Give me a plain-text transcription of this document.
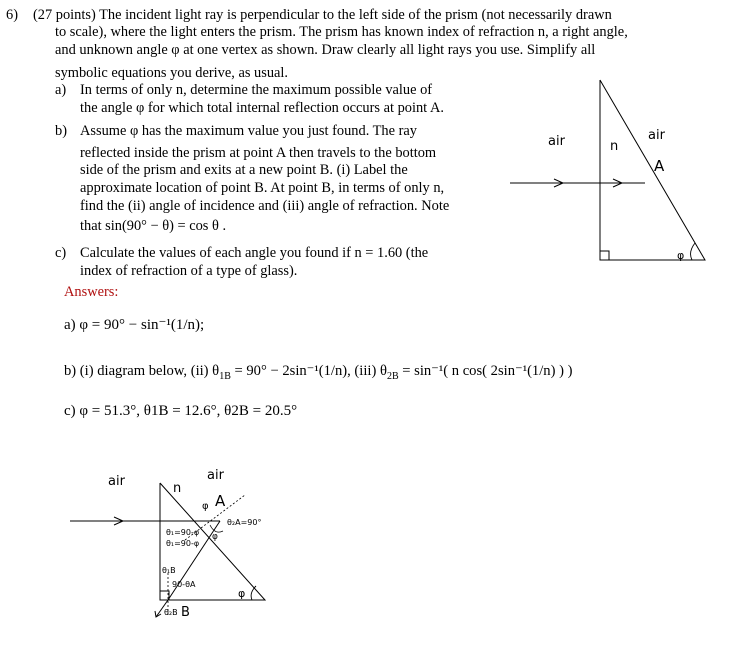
6) (27 points) The incident light ray is perpendicular to the left side of the prism (not necessarily drawn
to scale), where the light enters the prism. The prism has known index of refraction n, a right angle,
and unknown angle φ at one vertex as shown. Draw clearly all light rays you use. Simplify all
symbolic equations you derive, as usual.
a) In terms of only n, determine the maximum possible value of
the angle φ for which total internal reflection occurs at point A.
b) Assume φ has the maximum value you just found. The ray
reflected inside the prism at point A then travels to the bottom
side of the prism and exits at a new point B. (i) Label the
approximate location of point B. At point B, in terms of only n,
find the (ii) angle of incidence and (iii) angle of refraction. Note
that sin(90° − θ) = cos θ .
c) Calculate the values of each angle you found if n = 1.60 (the
index of refraction of a type of glass).
Answers:
a) φ = 90° − sin⁻¹(1/n);
b) (i) diagram below, (ii) $\theta_{1B} = 90^\circ - 2\sin^{-1}(1/n)$, (iii) $\theta_{2B} = \sin^{-1}$( n cos( 2sin⁻¹(1/n) ) )
c) φ = 51.3°, θ1B = 12.6°, θ2B = 20.5°
air	n
air
A
φ
air	n
air
A
φ
θ₁=90-φ
θ₁=90-φ
θ₂A=90°
θ₁B
90-θA
φ
θ₂B B
φ
